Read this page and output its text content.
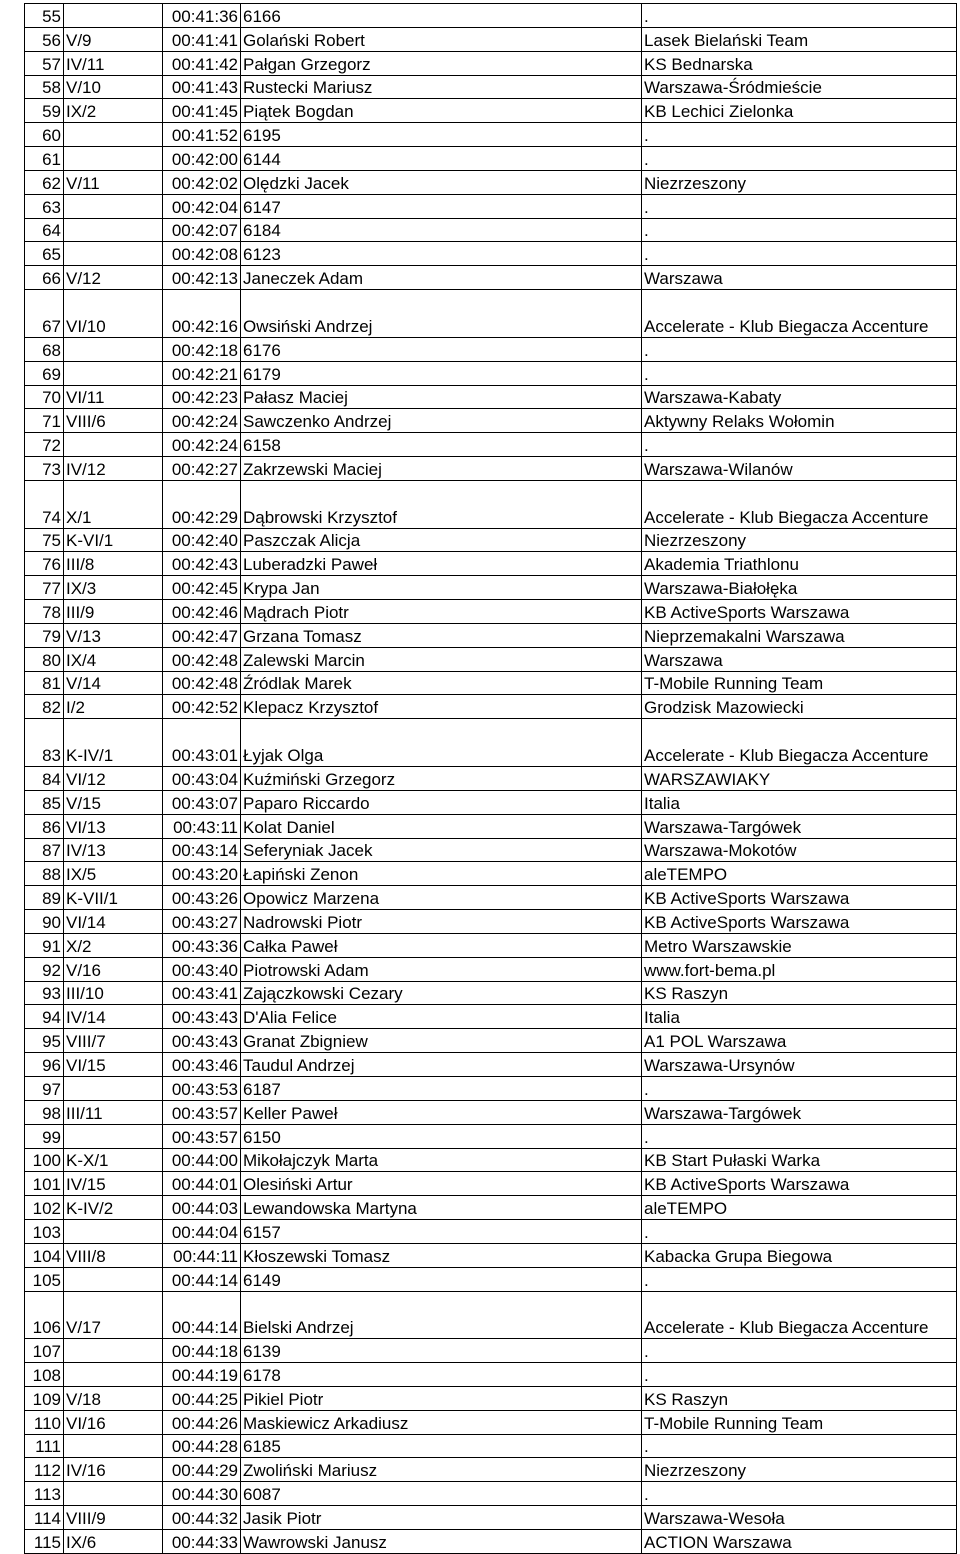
55		00:41:36	6166	.
56	V/9	00:41:41	Golański Robert	Lasek Bielański Team
57	IV/11	00:41:42	Pałgan Grzegorz	KS Bednarska
58	V/10	00:41:43	Rustecki Mariusz	Warszawa-Śródmieście
59	IX/2	00:41:45	Piątek Bogdan	KB Lechici Zielonka
60		00:41:52	6195	.
61		00:42:00	6144	.
62	V/11	00:42:02	Olędzki Jacek	Niezrzeszony
63		00:42:04	6147	.
64		00:42:07	6184	.
65		00:42:08	6123	.
66	V/12	00:42:13	Janeczek Adam	Warszawa
67	VI/10	00:42:16	Owsiński Andrzej	Accelerate - Klub Biegacza Accenture
68		00:42:18	6176	.
69		00:42:21	6179	.
70	VI/11	00:42:23	Pałasz Maciej	Warszawa-Kabaty
71	VIII/6	00:42:24	Sawczenko Andrzej	Aktywny Relaks Wołomin
72		00:42:24	6158	.
73	IV/12	00:42:27	Zakrzewski Maciej	Warszawa-Wilanów
74	X/1	00:42:29	Dąbrowski Krzysztof	Accelerate - Klub Biegacza Accenture
75	K-VI/1	00:42:40	Paszczak Alicja	Niezrzeszony
76	III/8	00:42:43	Luberadzki Paweł	Akademia Triathlonu
77	IX/3	00:42:45	Krypa Jan	Warszawa-Białołęka
78	III/9	00:42:46	Mądrach Piotr	KB ActiveSports Warszawa
79	V/13	00:42:47	Grzana Tomasz	Nieprzemakalni Warszawa
80	IX/4	00:42:48	Zalewski Marcin	Warszawa
81	V/14	00:42:48	Źródlak Marek	T-Mobile Running Team
82	I/2	00:42:52	Klepacz Krzysztof	Grodzisk Mazowiecki
83	K-IV/1	00:43:01	Łyjak Olga	Accelerate - Klub Biegacza Accenture
84	VI/12	00:43:04	Kuźmiński Grzegorz	WARSZAWIAKY
85	V/15	00:43:07	Paparo Riccardo	Italia
86	VI/13	00:43:11	Kolat Daniel	Warszawa-Targówek
87	IV/13	00:43:14	Seferyniak Jacek	Warszawa-Mokotów
88	IX/5	00:43:20	Łapiński Zenon	aleTEMPO
89	K-VII/1	00:43:26	Opowicz Marzena	KB ActiveSports Warszawa
90	VI/14	00:43:27	Nadrowski Piotr	KB ActiveSports Warszawa
91	X/2	00:43:36	Całka Paweł	Metro Warszawskie
92	V/16	00:43:40	Piotrowski Adam	www.fort-bema.pl
93	III/10	00:43:41	Zajączkowski Cezary	KS Raszyn
94	IV/14	00:43:43	D'Alia Felice	Italia
95	VIII/7	00:43:43	Granat Zbigniew	A1 POL Warszawa
96	VI/15	00:43:46	Taudul Andrzej	Warszawa-Ursynów
97		00:43:53	6187	.
98	III/11	00:43:57	Keller Paweł	Warszawa-Targówek
99		00:43:57	6150	.
100	K-X/1	00:44:00	Mikołajczyk Marta	KB Start Pułaski Warka
101	IV/15	00:44:01	Olesiński Artur	KB ActiveSports Warszawa
102	K-IV/2	00:44:03	Lewandowska Martyna	aleTEMPO
103		00:44:04	6157	.
104	VIII/8	00:44:11	Kłoszewski Tomasz	Kabacka Grupa Biegowa
105		00:44:14	6149	.
106	V/17	00:44:14	Bielski Andrzej	Accelerate - Klub Biegacza Accenture
107		00:44:18	6139	.
108		00:44:19	6178	.
109	V/18	00:44:25	Pikiel Piotr	KS Raszyn
110	VI/16	00:44:26	Maskiewicz Arkadiusz	T-Mobile Running Team
111		00:44:28	6185	.
112	IV/16	00:44:29	Zwoliński Mariusz	Niezrzeszony
113		00:44:30	6087	.
114	VIII/9	00:44:32	Jasik Piotr	Warszawa-Wesoła
115	IX/6	00:44:33	Wawrowski Janusz	ACTION Warszawa
